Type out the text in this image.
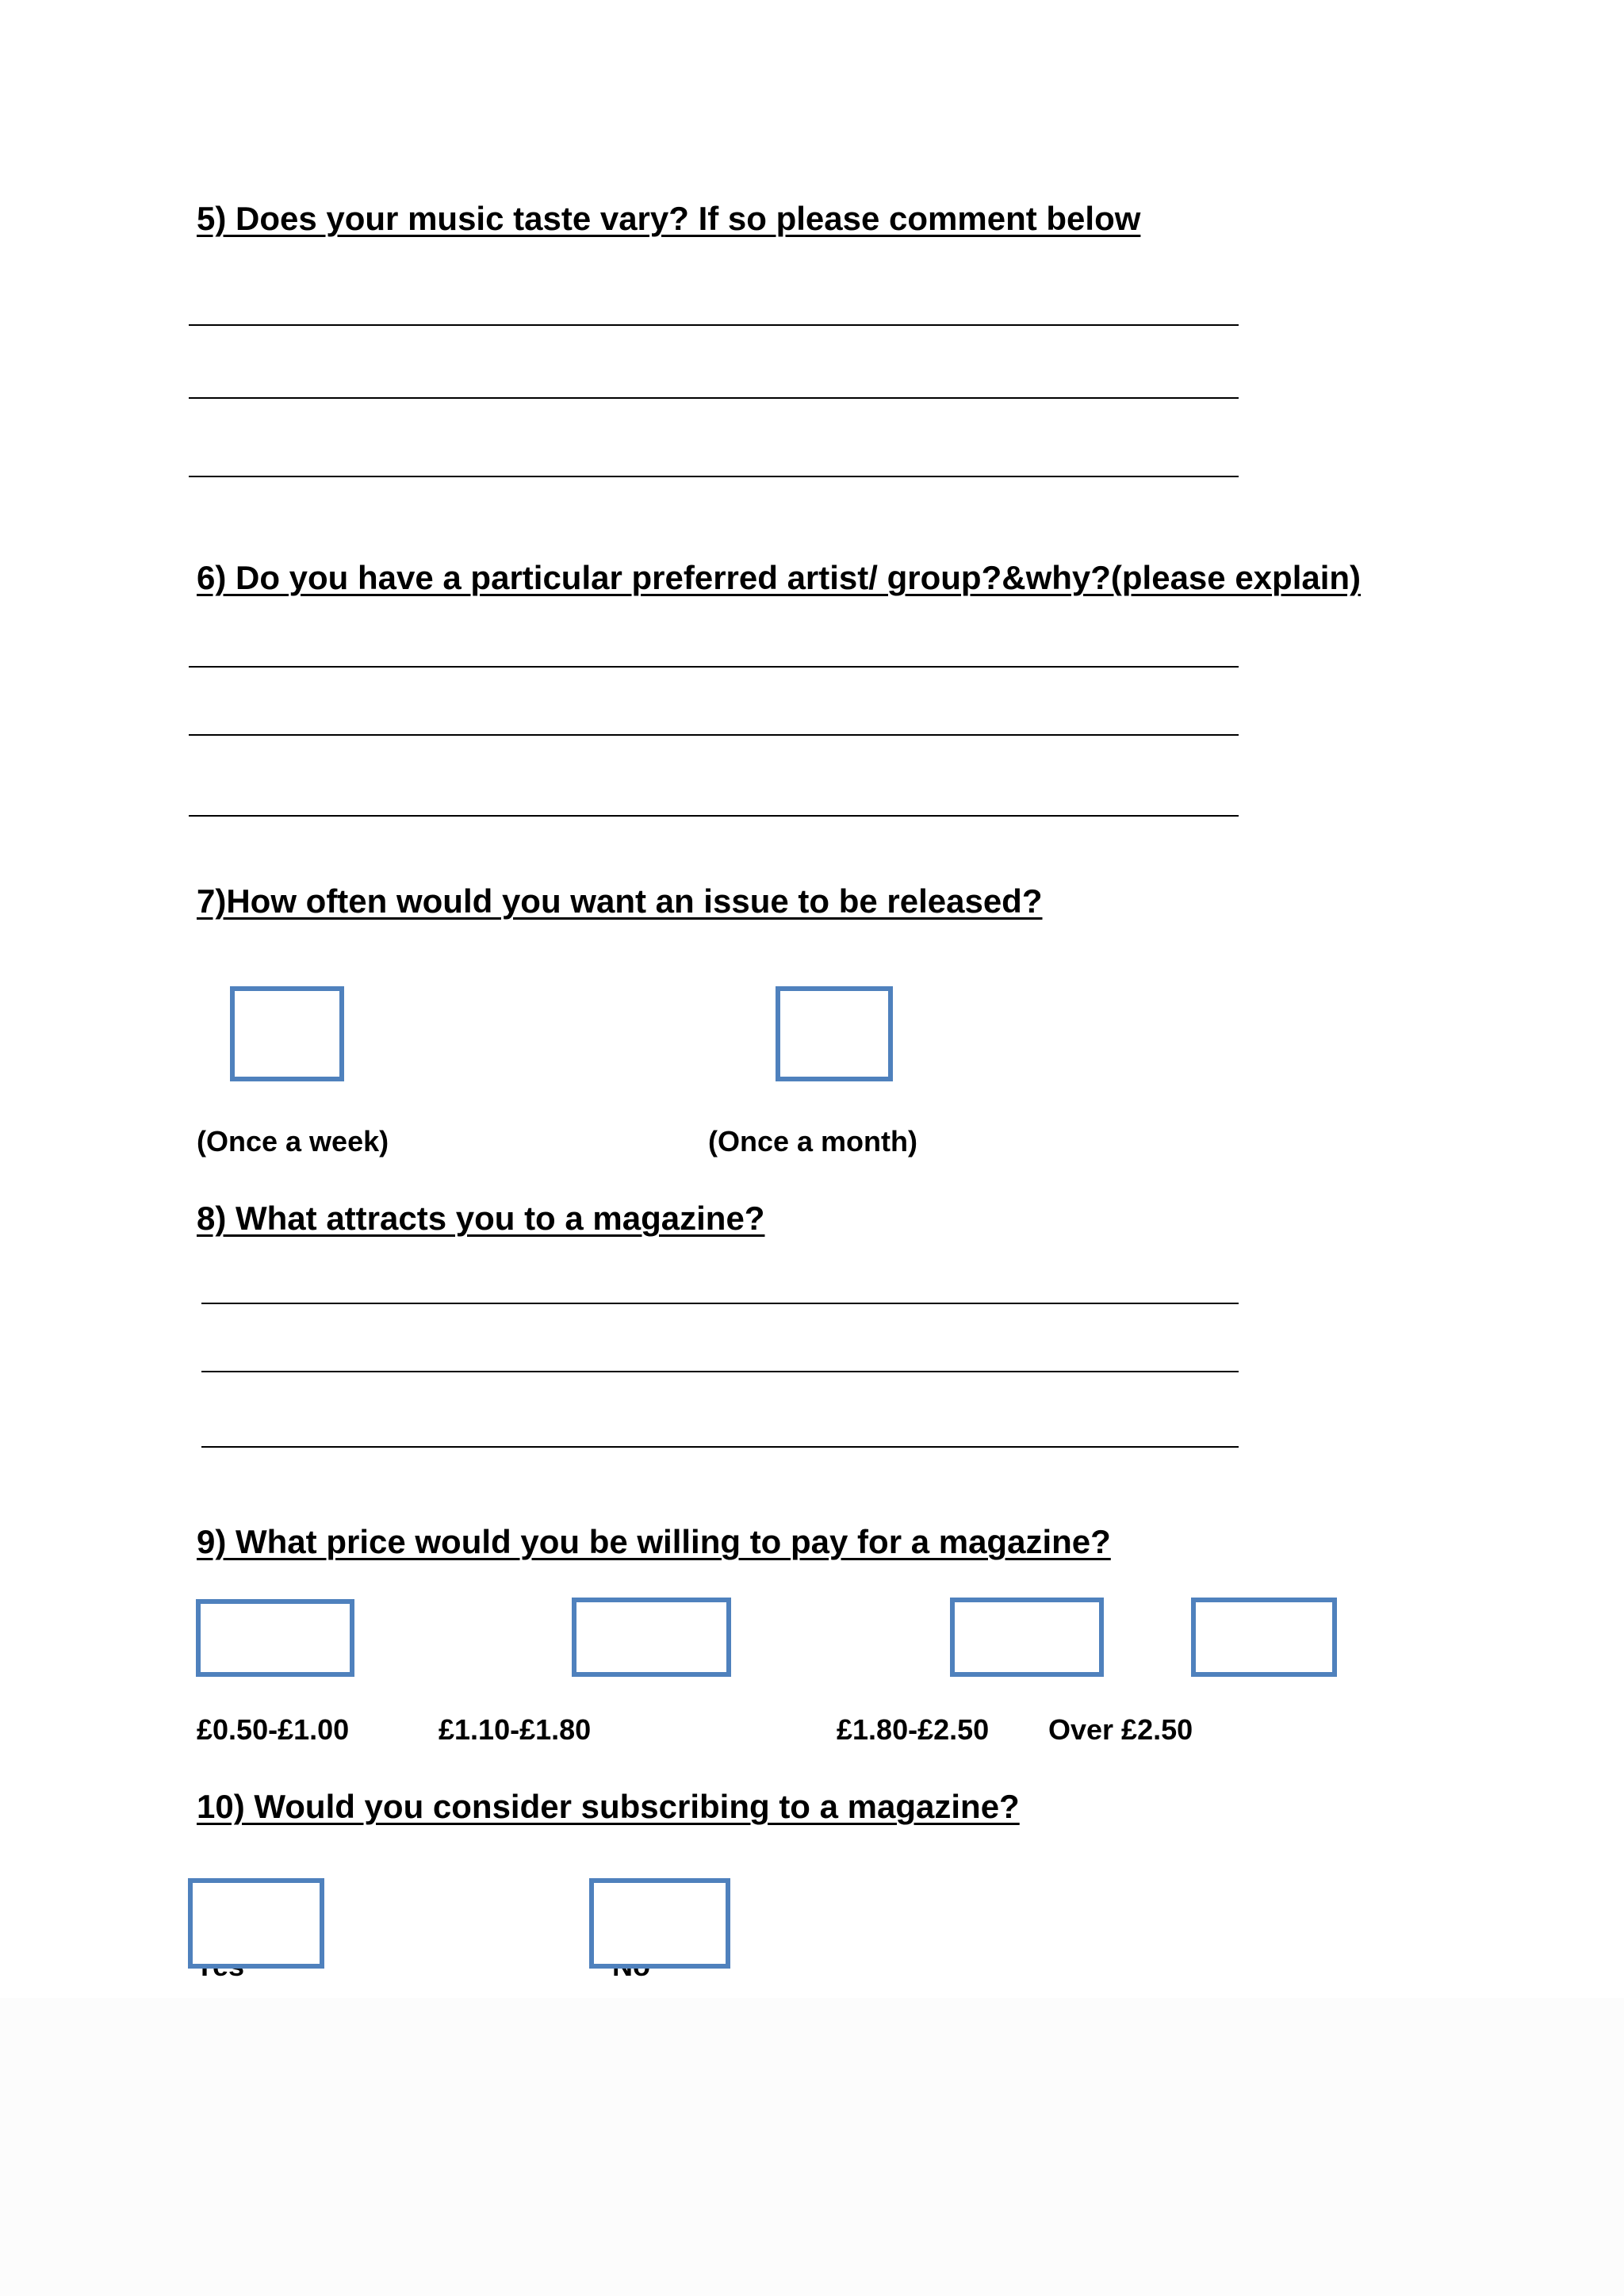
5) Does your music taste vary? If so please comment below

6) Do you have a particular preferred artist/ group?&why?(please explain)

7)How often would you want an issue to be released?

(Once a week)	(Once a month)

8) What attracts you to a magazine?

9) What price would you be willing to pay for a magazine?

£0.50-£1.00	£1.10-£1.80	£1.80-£2.50 Over £2.50

10) Would you consider subscribing to a magazine?
